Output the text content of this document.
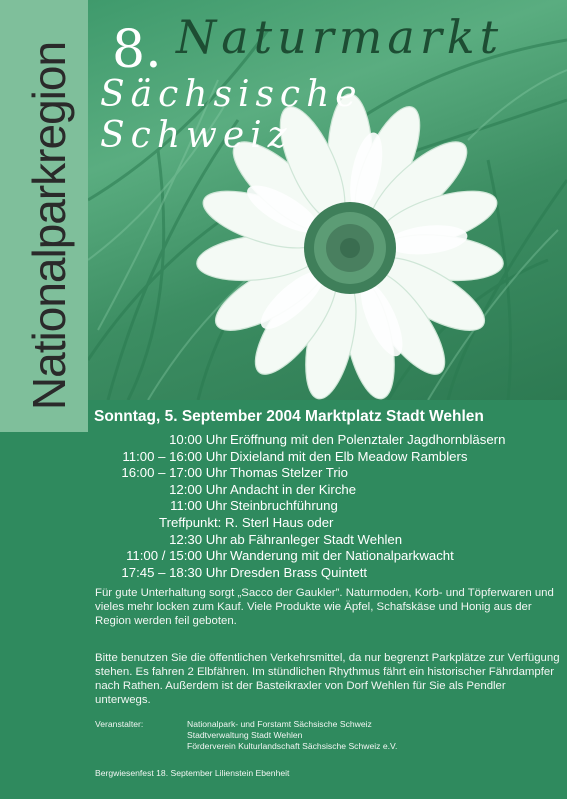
Nationalparkregion 8. Naturmarkt
Sächsische Schweiz
Sonntag, 5. September 2004 Marktplatz Stadt Wehlen
10:00 Uhr Eröffnung mit den Polenztaler Jagdhornbläsern
11:00 – 16:00 Uhr Dixieland mit den Elb Meadow Ramblers
16:00 – 17:00 Uhr Thomas Stelzer Trio
12:00 Uhr Andacht in der Kirche
11:00 Uhr Steinbruchführung
Treffpunkt: R. Sterl Haus oder
12:30 Uhr ab Fähranleger Stadt Wehlen
11:00 / 15:00 Uhr Wanderung mit der Nationalparkwacht
17:45 – 18:30 Uhr Dresden Brass Quintett

Für gute Unterhaltung sorgt „Sacco der Gaukler”. Naturmoden, Korb- und Töpferwaren und vieles mehr locken zum Kauf. Viele Produkte wie Äpfel, Schafskäse und Honig aus der Region werden feil geboten.

Bitte benutzen Sie die öffentlichen Verkehrsmittel, da nur begrenzt Parkplätze zur Verfügung stehen. Es fahren 2 Elbfähren. Im stündlichen Rhythmus fährt ein historischer Fährdampfer nach Rathen. Außerdem ist der Basteikraxler von Dorf Wehlen für Sie als Pendler unterwegs.

Veranstalter:	Nationalpark- und Forstamt Sächsische Schweiz
Stadtverwaltung Stadt Wehlen
Förderverein Kulturlandschaft Sächsische Schweiz e.V.
Bergwiesenfest 18. September Lilienstein Ebenheit
